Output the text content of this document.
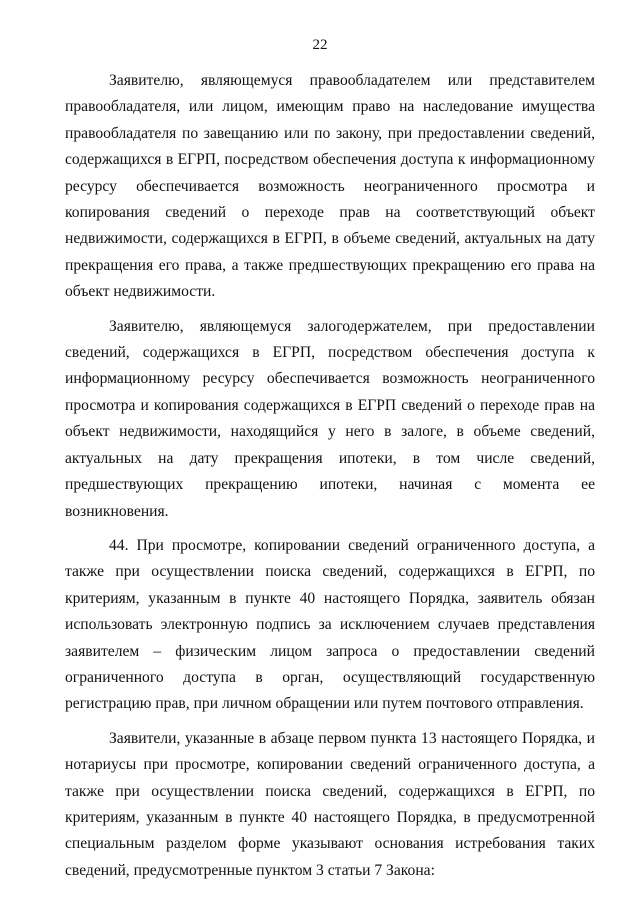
22

Заявителю, являющемуся правообладателем или представителем правообладателя, или лицом, имеющим право на наследование имущества правообладателя по завещанию или по закону, при предоставлении сведений, содержащихся в ЕГРП, посредством обеспечения доступа к информационному ресурсу обеспечивается возможность неограниченного просмотра и копирования сведений о переходе прав на соответствующий объект недвижимости, содержащихся в ЕГРП, в объеме сведений, актуальных на дату прекращения его права, а также предшествующих прекращению его права на объект недвижимости.

Заявителю, являющемуся залогодержателем, при предоставлении сведений, содержащихся в ЕГРП, посредством обеспечения доступа к информационному ресурсу обеспечивается возможность неограниченного просмотра и копирования содержащихся в ЕГРП сведений о переходе прав на объект недвижимости, находящийся у него в залоге, в объеме сведений, актуальных на дату прекращения ипотеки, в том числе сведений, предшествующих прекращению ипотеки, начиная с момента ее возникновения.

44. При просмотре, копировании сведений ограниченного доступа, а также при осуществлении поиска сведений, содержащихся в ЕГРП, по критериям, указанным в пункте 40 настоящего Порядка, заявитель обязан использовать электронную подпись за исключением случаев представления заявителем – физическим лицом запроса о предоставлении сведений ограниченного доступа в орган, осуществляющий государственную регистрацию прав, при личном обращении или путем почтового отправления.

Заявители, указанные в абзаце первом пункта 13 настоящего Порядка, и нотариусы при просмотре, копировании сведений ограниченного доступа, а также при осуществлении поиска сведений, содержащихся в ЕГРП, по критериям, указанным в пункте 40 настоящего Порядка, в предусмотренной специальным разделом форме указывают основания истребования таких сведений, предусмотренные пунктом 3 статьи 7 Закона:
